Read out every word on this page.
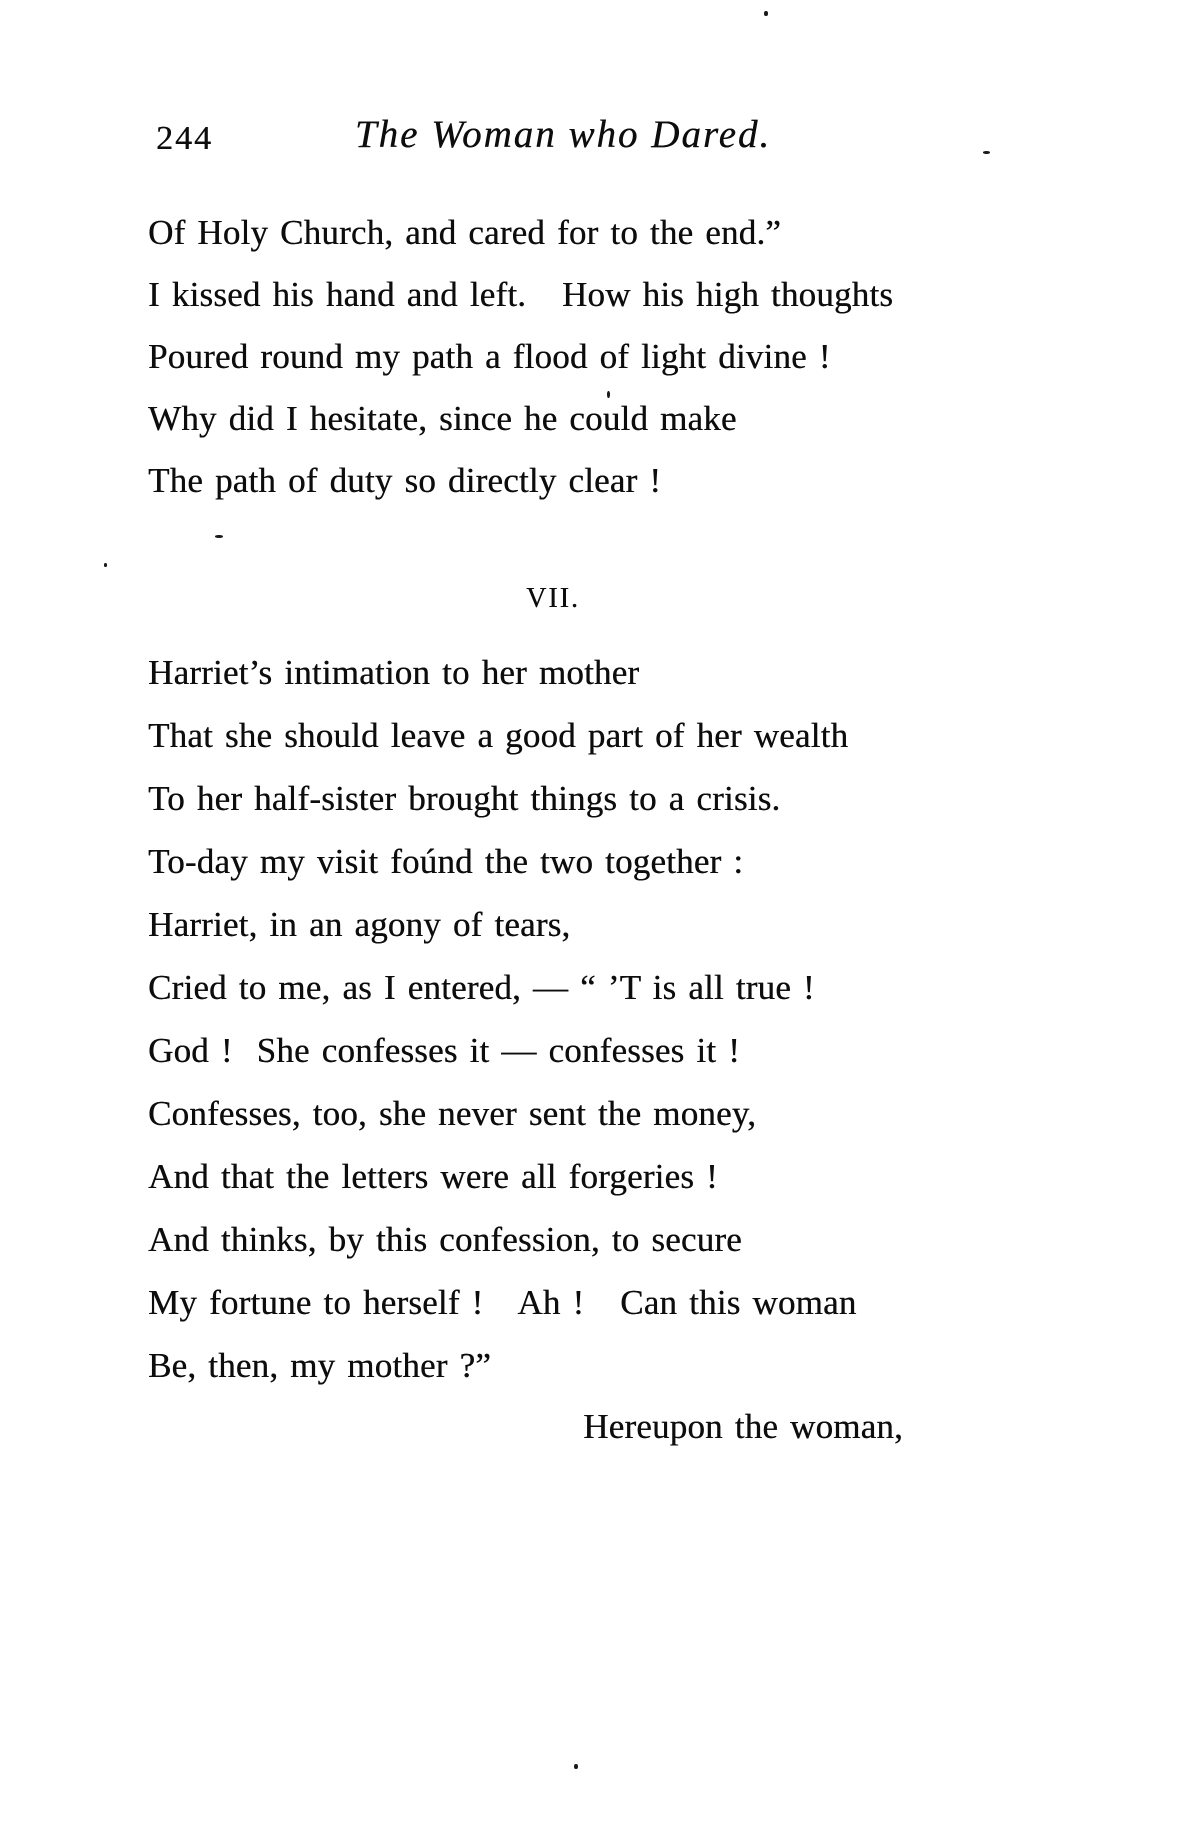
244	The Woman who Dared.
Of Holy Church, and cared for to the end.”
I kissed his hand and left.   How his high thoughts
Poured round my path a flood of light divine !
Why did I hesitate, since he could make
The path of duty so directly clear !
VII.
Harriet’s intimation to her mother
That she should leave a good part of her wealth
To her half-sister brought things to a crisis.
To-day my visit foúnd the two together :
Harriet, in an agony of tears,
Cried to me, as I entered, — “ ’T is all true !
God !  She confesses it — confesses it !
Confesses, too, she never sent the money,
And that the letters were all forgeries !
And thinks, by this confession, to secure
My fortune to herself !   Ah !   Can this woman
Be, then, my mother ?”
Hereupon the woman,
